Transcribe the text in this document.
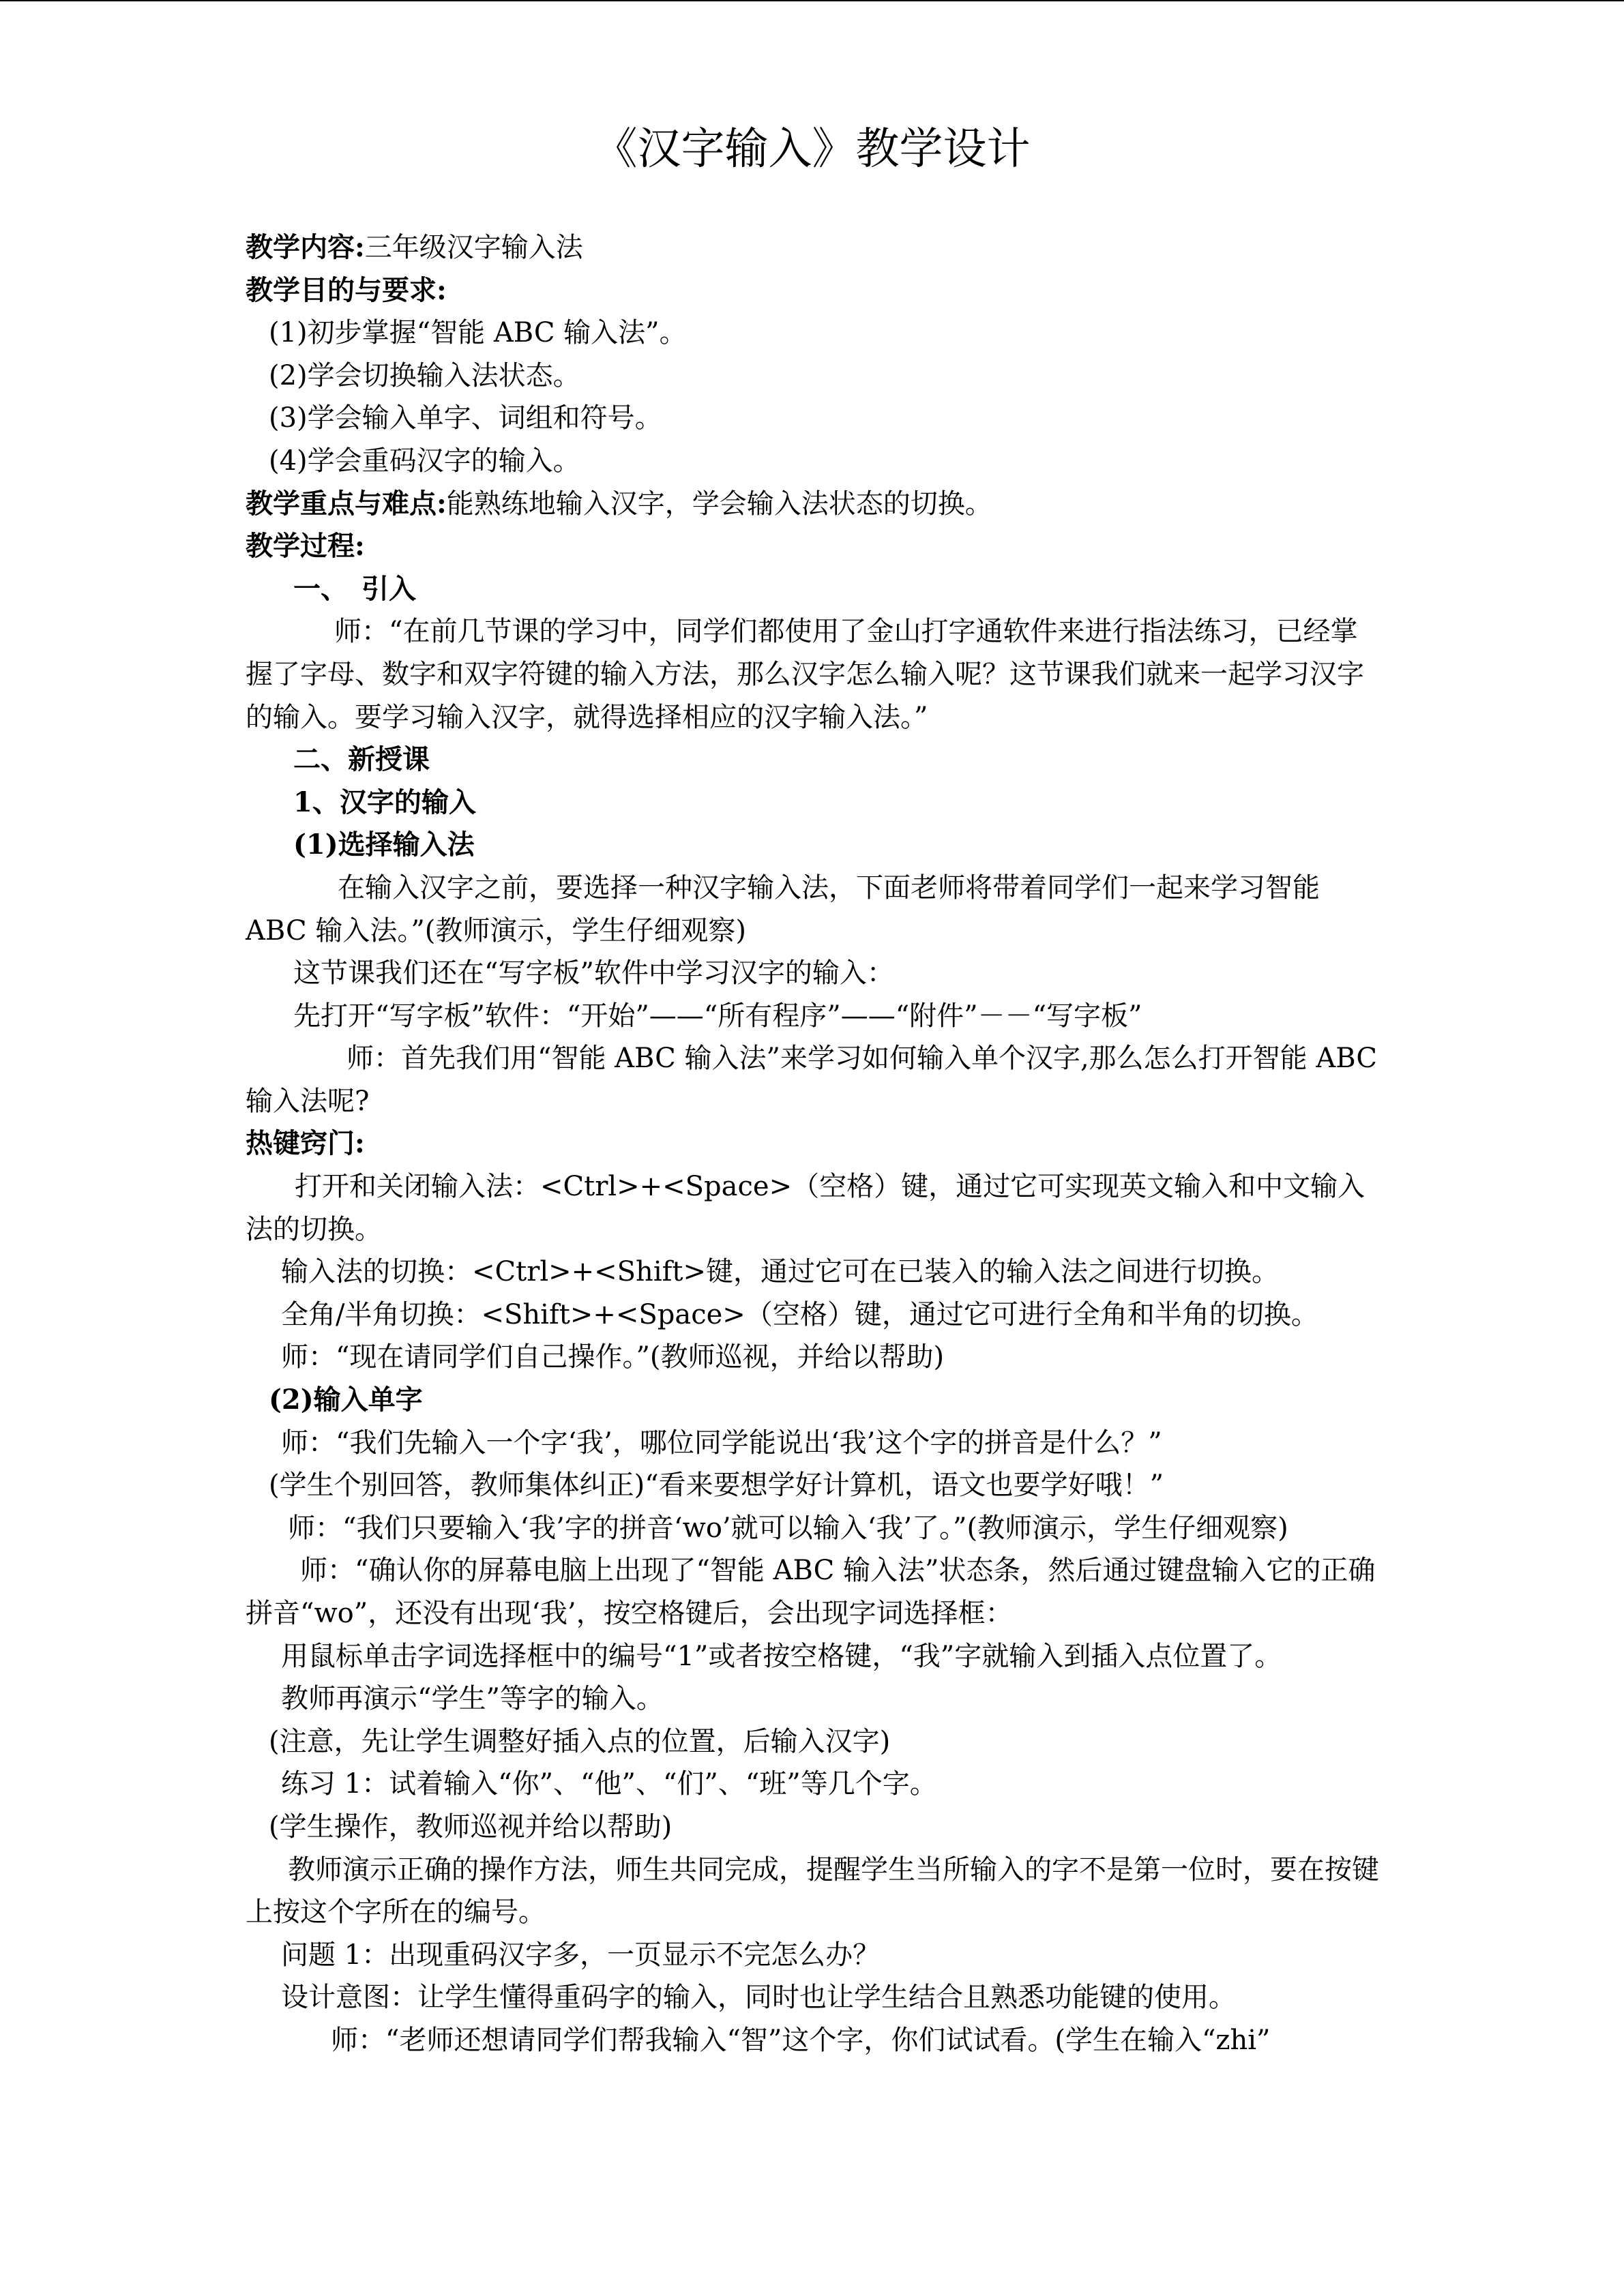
《汉字输入》教学设计
教学内容:三年级汉字输入法
教学目的与要求:
(1)初步掌握“智能 ABC 输入法”。
(2)学会切换输入法状态。
(3)学会输入单字、词组和符号。
(4)学会重码汉字的输入。
教学重点与难点:能熟练地输入汉字，学会输入法状态的切换。
教学过程:
一、　引入
师：“在前几节课的学习中，同学们都使用了金山打字通软件来进行指法练习，已经掌握了字母、数字和双字符键的输入方法，那么汉字怎么输入呢？这节课我们就来一起学习汉字的输入。要学习输入汉字，就得选择相应的汉字输入法。”
二、新授课
1、汉字的输入
(1)选择输入法
在输入汉字之前，要选择一种汉字输入法，下面老师将带着同学们一起来学习智能 ABC 输入法。”(教师演示，学生仔细观察)
这节课我们还在“写字板”软件中学习汉字的输入：
先打开“写字板”软件：“开始”——“所有程序”——“附件”－－“写字板”
师：首先我们用“智能 ABC 输入法”来学习如何输入单个汉字,那么怎么打开智能 ABC 输入法呢?
热键窍门:
打开和关闭输入法：<Ctrl>+<Space>（空格）键，通过它可实现英文输入和中文输入法的切换。
输入法的切换：<Ctrl>+<Shift>键，通过它可在已装入的输入法之间进行切换。
全角/半角切换：<Shift>+<Space>（空格）键，通过它可进行全角和半角的切换。
师：“现在请同学们自己操作。”(教师巡视，并给以帮助)
(2)输入单字
师：“我们先输入一个字‘我’，哪位同学能说出‘我’这个字的拼音是什么？”
(学生个别回答，教师集体纠正)“看来要想学好计算机，语文也要学好哦！”
师：“我们只要输入‘我’字的拼音‘wo’就可以输入‘我’了。”(教师演示，学生仔细观察)
师：“确认你的屏幕电脑上出现了“智能 ABC 输入法”状态条，然后通过键盘输入它的正确拼音“wo”，还没有出现‘我’，按空格键后，会出现字词选择框：
用鼠标单击字词选择框中的编号“1”或者按空格键，“我”字就输入到插入点位置了。
教师再演示“学生”等字的输入。
(注意，先让学生调整好插入点的位置，后输入汉字)
练习 1：试着输入“你”、“他”、“们”、“班”等几个字。
(学生操作，教师巡视并给以帮助)
教师演示正确的操作方法，师生共同完成，提醒学生当所输入的字不是第一位时，要在按键上按这个字所在的编号。
问题 1：出现重码汉字多，一页显示不完怎么办？
设计意图：让学生懂得重码字的输入，同时也让学生结合且熟悉功能键的使用。
师：“老师还想请同学们帮我输入“智”这个字，你们试试看。(学生在输入“zhi”
